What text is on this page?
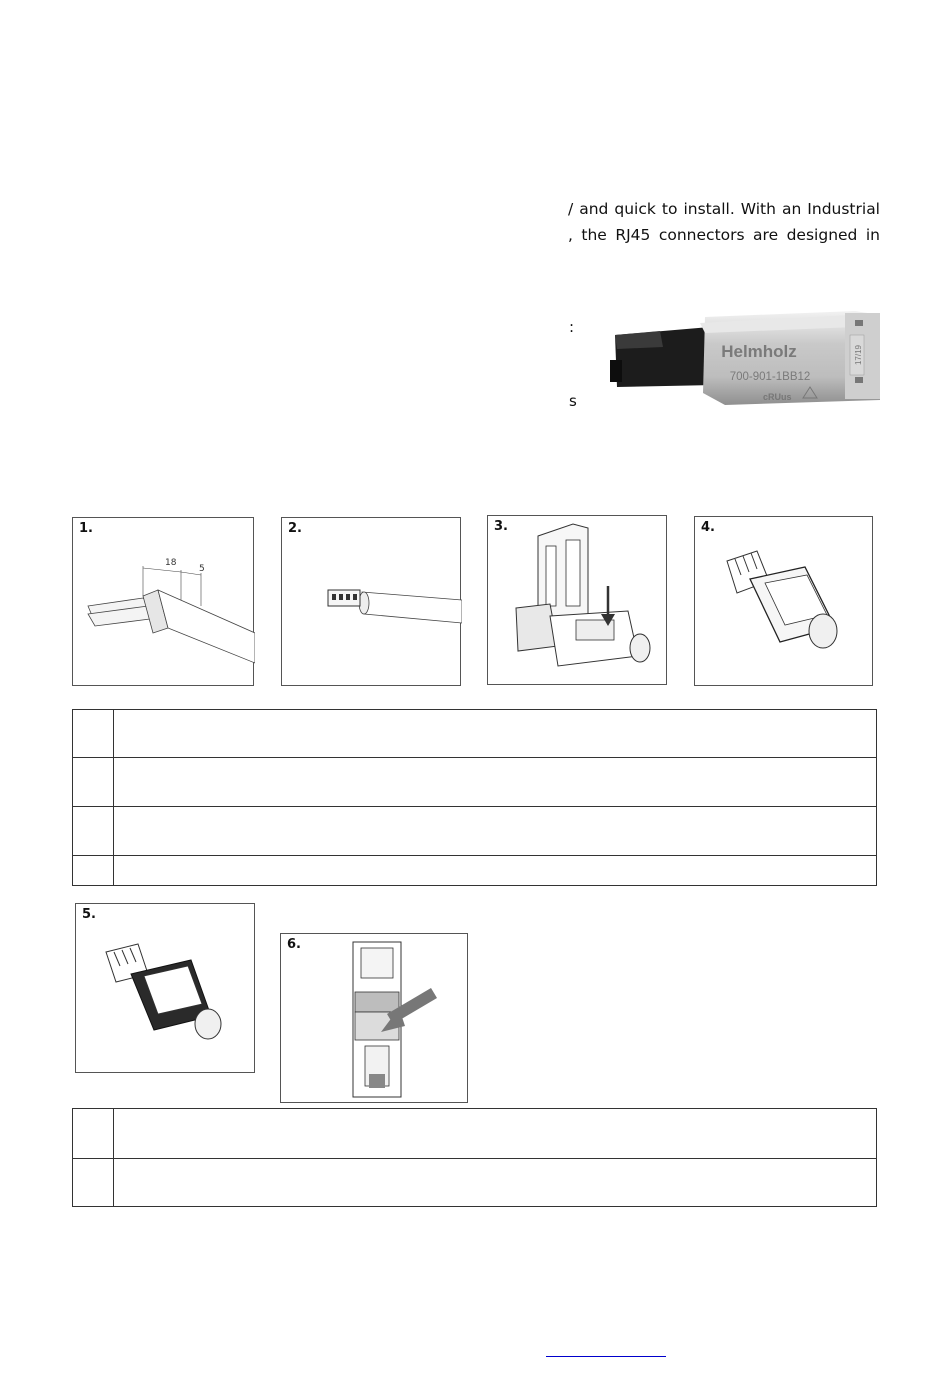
/ and quick to install. With an Industrial
, the RJ45 connectors are designed in
:
s
Helmholz
700-901-1BB12
cRUus
17/19
18
5
1.	2.	3.	4.

5.
6.
